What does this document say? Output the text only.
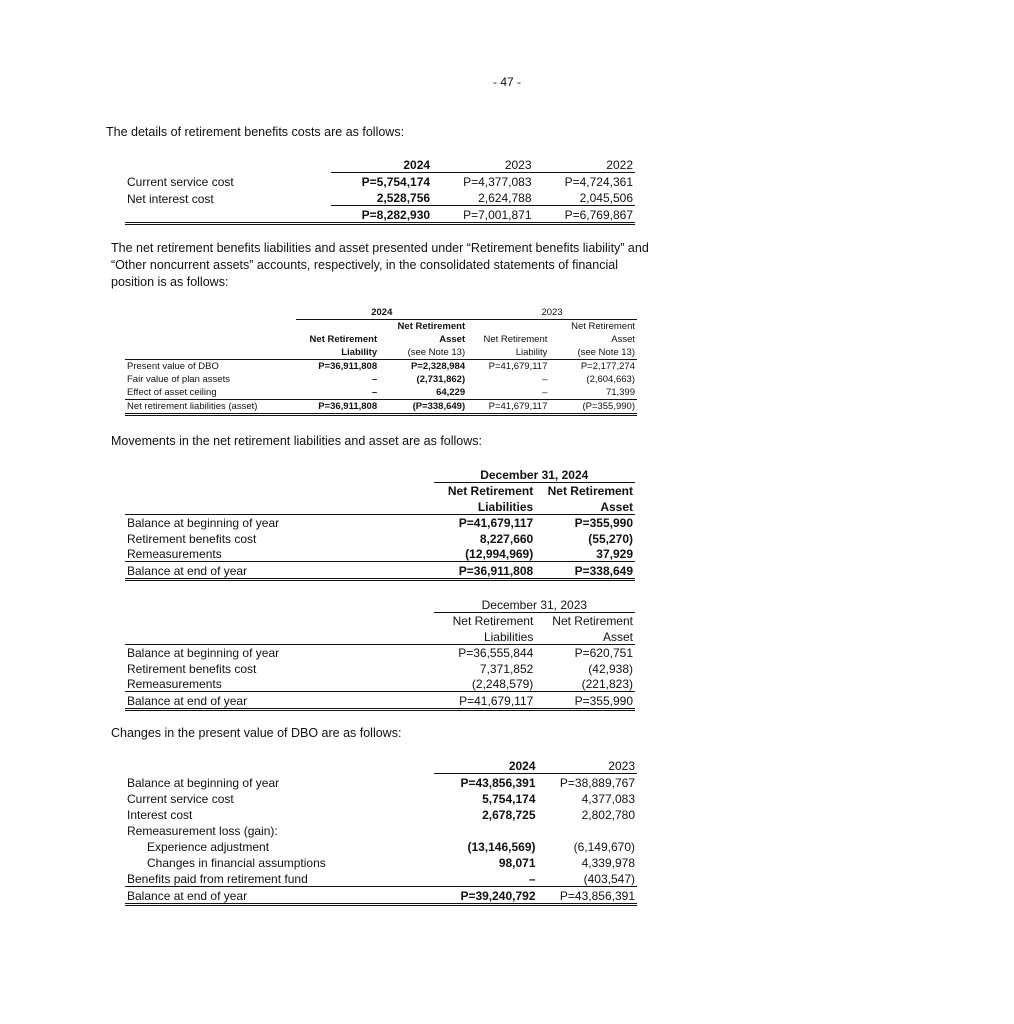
- 47 -
The details of retirement benefits costs are as follows:
	2024	2023	2022
Current service cost	P=5,754,174	P=4,377,083	P=4,724,361
Net interest cost	2,528,756	2,624,788	2,045,506
	P=8,282,930	P=7,001,871	P=6,769,867
The net retirement benefits liabilities and asset presented under “Retirement benefits liability” and
“Other noncurrent assets” accounts, respectively, in the consolidated statements of financial
position is as follows:
	2024		2023	
		Net Retirement		Net Retirement
	Net Retirement	Asset	Net Retirement	Asset
	Liability	(see Note 13)	Liability	(see Note 13)
Present value of DBO	P=36,911,808	P=2,328,984	P=41,679,117	P=2,177,274
Fair value of plan assets	–	(2,731,862)	–	(2,604,663)
Effect of asset ceiling	–	64,229	–	71,399
Net retirement liabilities (asset)	P=36,911,808	(P=338,649)	P=41,679,117	(P=355,990)
Movements in the net retirement liabilities and asset are as follows:
	December 31, 2024	
	Net Retirement	Net Retirement
	Liabilities	Asset
Balance at beginning of year	P=41,679,117	P=355,990
Retirement benefits cost	8,227,660	(55,270)
Remeasurements	(12,994,969)	37,929
Balance at end of year	P=36,911,808	P=338,649
	December 31, 2023	
	Net Retirement	Net Retirement
	Liabilities	Asset
Balance at beginning of year	P=36,555,844	P=620,751
Retirement benefits cost	7,371,852	(42,938)
Remeasurements	(2,248,579)	(221,823)
Balance at end of year	P=41,679,117	P=355,990
Changes in the present value of DBO are as follows:
	2024	2023
Balance at beginning of year	P=43,856,391	P=38,889,767
Current service cost	5,754,174	4,377,083
Interest cost	2,678,725	2,802,780
Remeasurement loss (gain):		
Experience adjustment	(13,146,569)	(6,149,670)
Changes in financial assumptions	98,071	4,339,978
Benefits paid from retirement fund	–	(403,547)
Balance at end of year	P=39,240,792	P=43,856,391
